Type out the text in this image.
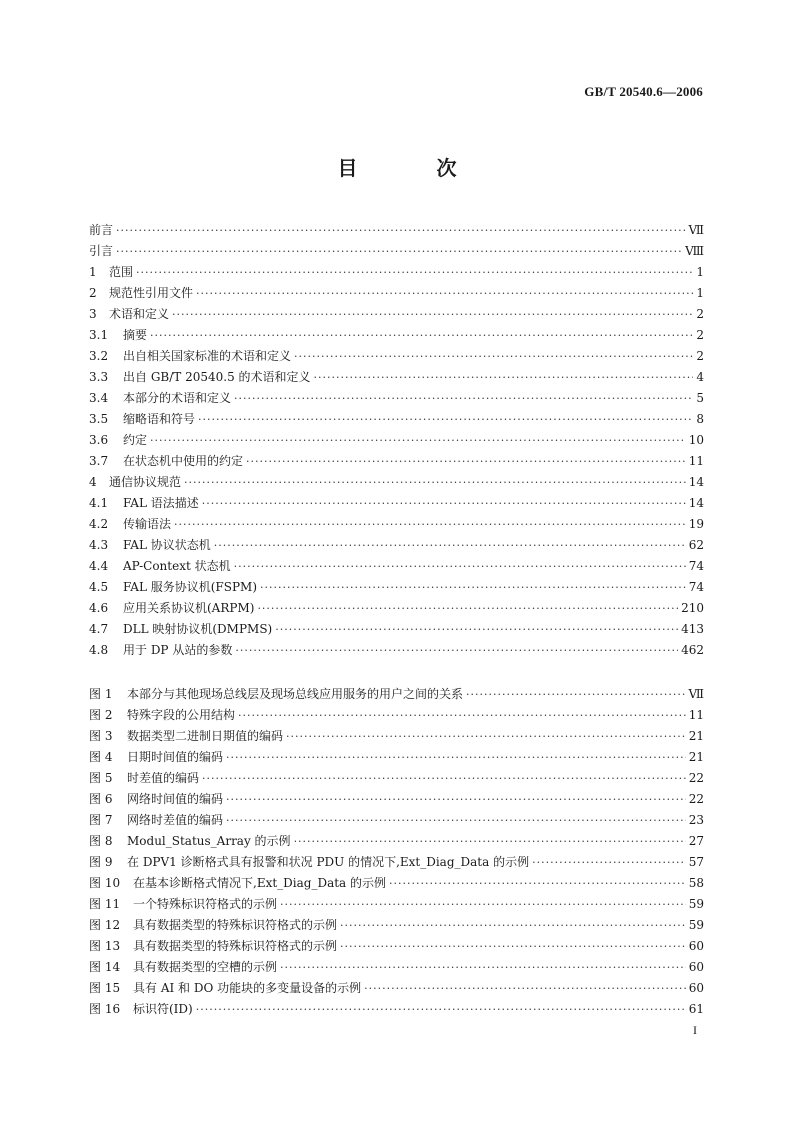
GB/T 20540.6—2006
目 次
前言 ·····	Ⅶ
引言 ·····	Ⅷ
1	范围 ·····	1
2	规范性引用文件 ·····	1
3	术语和定义 ·····	2
3.1	摘要 ·····	2
3.2	出自相关国家标准的术语和定义 ·····	2
3.3	出自 GB/T 20540.5 的术语和定义 ·····	4
3.4	本部分的术语和定义 ·····	5
3.5	缩略语和符号 ·····	8
3.6	约定 ·····	10
3.7	在状态机中使用的约定 ·····	11
4	通信协议规范 ·····	14
4.1	FAL 语法描述 ·····	14
4.2	传输语法 ·····	19
4.3	FAL 协议状态机 ·····	62
4.4	AP-Context 状态机 ·····	74
4.5	FAL 服务协议机(FSPM) ·····	74
4.6	应用关系协议机(ARPM) ·····	210
4.7	DLL 映射协议机(DMPMS) ·····	413
4.8	用于 DP 从站的参数 ·····	462
图 1	本部分与其他现场总线层及现场总线应用服务的用户之间的关系 ·····	Ⅶ
图 2	特殊字段的公用结构 ·····	11
图 3	数据类型二进制日期值的编码 ·····	21
图 4	日期时间值的编码 ·····	21
图 5	时差值的编码 ·····	22
图 6	网络时间值的编码 ·····	22
图 7	网络时差值的编码 ·····	23
图 8	Modul_Status_Array 的示例 ·····	27
图 9	在 DPV1 诊断格式具有报警和状况 PDU 的情况下,Ext_Diag_Data 的示例 ·····	57
图 10	在基本诊断格式情况下,Ext_Diag_Data 的示例 ·····	58
图 11	一个特殊标识符格式的示例 ·····	59
图 12	具有数据类型的特殊标识符格式的示例 ·····	59
图 13	具有数据类型的特殊标识符格式的示例 ·····	60
图 14	具有数据类型的空槽的示例 ·····	60
图 15	具有 AI 和 DO 功能块的多变量设备的示例 ·····	60
图 16	标识符(ID) ·····	61
I
